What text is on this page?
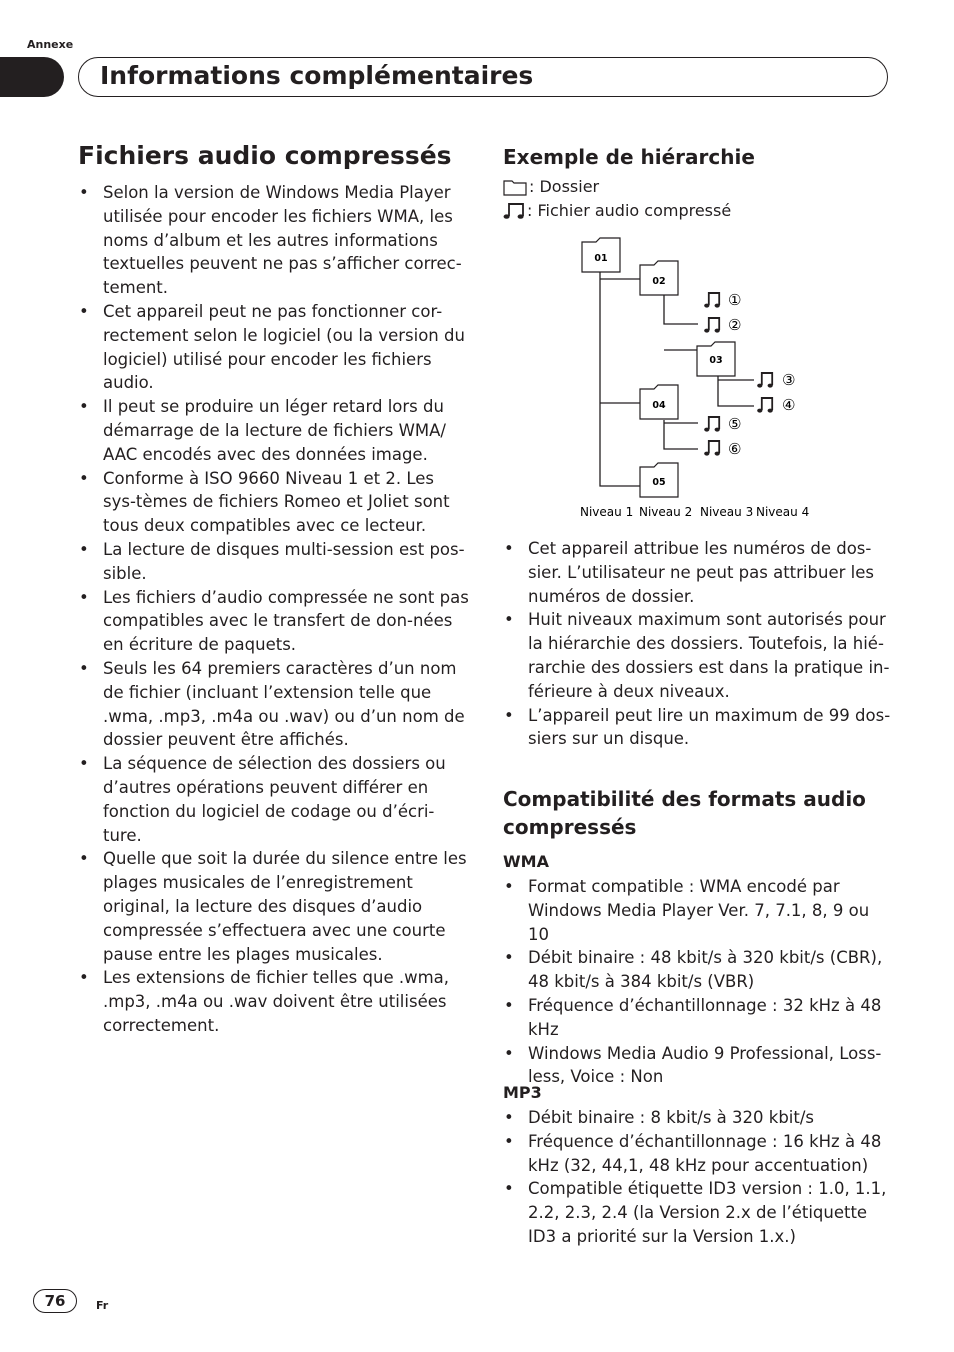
Annexe
Informations complémentaires
Fichiers audio compressés
• Selon la version de Windows Media Player utilisée pour encoder les fichiers WMA, les noms d’album et les autres informations textuelles peuvent ne pas s’afficher correc-tement.
• Cet appareil peut ne pas fonctionner cor-rectement selon le logiciel (ou la version du logiciel) utilisé pour encoder les fichiers audio.
• Il peut se produire un léger retard lors du démarrage de la lecture de fichiers WMA/ AAC encodés avec des données image.
• Conforme à ISO 9660 Niveau 1 et 2. Les sys-tèmes de fichiers Romeo et Joliet sont tous deux compatibles avec ce lecteur.
• La lecture de disques multi-session est pos-sible.
• Les fichiers d’audio compressée ne sont pas compatibles avec le transfert de don-nées en écriture de paquets.
• Seuls les 64 premiers caractères d’un nom de fichier (incluant l’extension telle que .wma, .mp3, .m4a ou .wav) ou d’un nom de dossier peuvent être affichés.
• La séquence de sélection des dossiers ou d’autres opérations peuvent différer en fonction du logiciel de codage ou d’écri-ture.
• Quelle que soit la durée du silence entre les plages musicales de l’enregistrement original, la lecture des disques d’audio compressée s’effectuera avec une courte pause entre les plages musicales.
• Les extensions de fichier telles que .wma, .mp3, .m4a ou .wav doivent être utilisées correctement.
Exemple de hiérarchie
: Dossier
: Fichier audio compressé
01
02
03
04
05
①
②
③
④
⑤
⑥
Niveau 1 Niveau 2 Niveau 3 Niveau 4
• Cet appareil attribue les numéros de dos-sier. L’utilisateur ne peut pas attribuer les numéros de dossier.
• Huit niveaux maximum sont autorisés pour la hiérarchie des dossiers. Toutefois, la hié-rarchie des dossiers est dans la pratique in-férieure à deux niveaux.
• L’appareil peut lire un maximum de 99 dos-siers sur un disque.
Compatibilité des formats audio compressés
WMA
• Format compatible : WMA encodé par Windows Media Player Ver. 7, 7.1, 8, 9 ou 10
• Débit binaire : 48 kbit/s à 320 kbit/s (CBR), 48 kbit/s à 384 kbit/s (VBR)
• Fréquence d’échantillonnage : 32 kHz à 48 kHz
• Windows Media Audio 9 Professional, Loss-less, Voice : Non
MP3
• Débit binaire : 8 kbit/s à 320 kbit/s
• Fréquence d’échantillonnage : 16 kHz à 48 kHz (32, 44,1, 48 kHz pour accentuation)
• Compatible étiquette ID3 version : 1.0, 1.1, 2.2, 2.3, 2.4 (la Version 2.x de l’étiquette ID3 a priorité sur la Version 1.x.)
76	Fr
